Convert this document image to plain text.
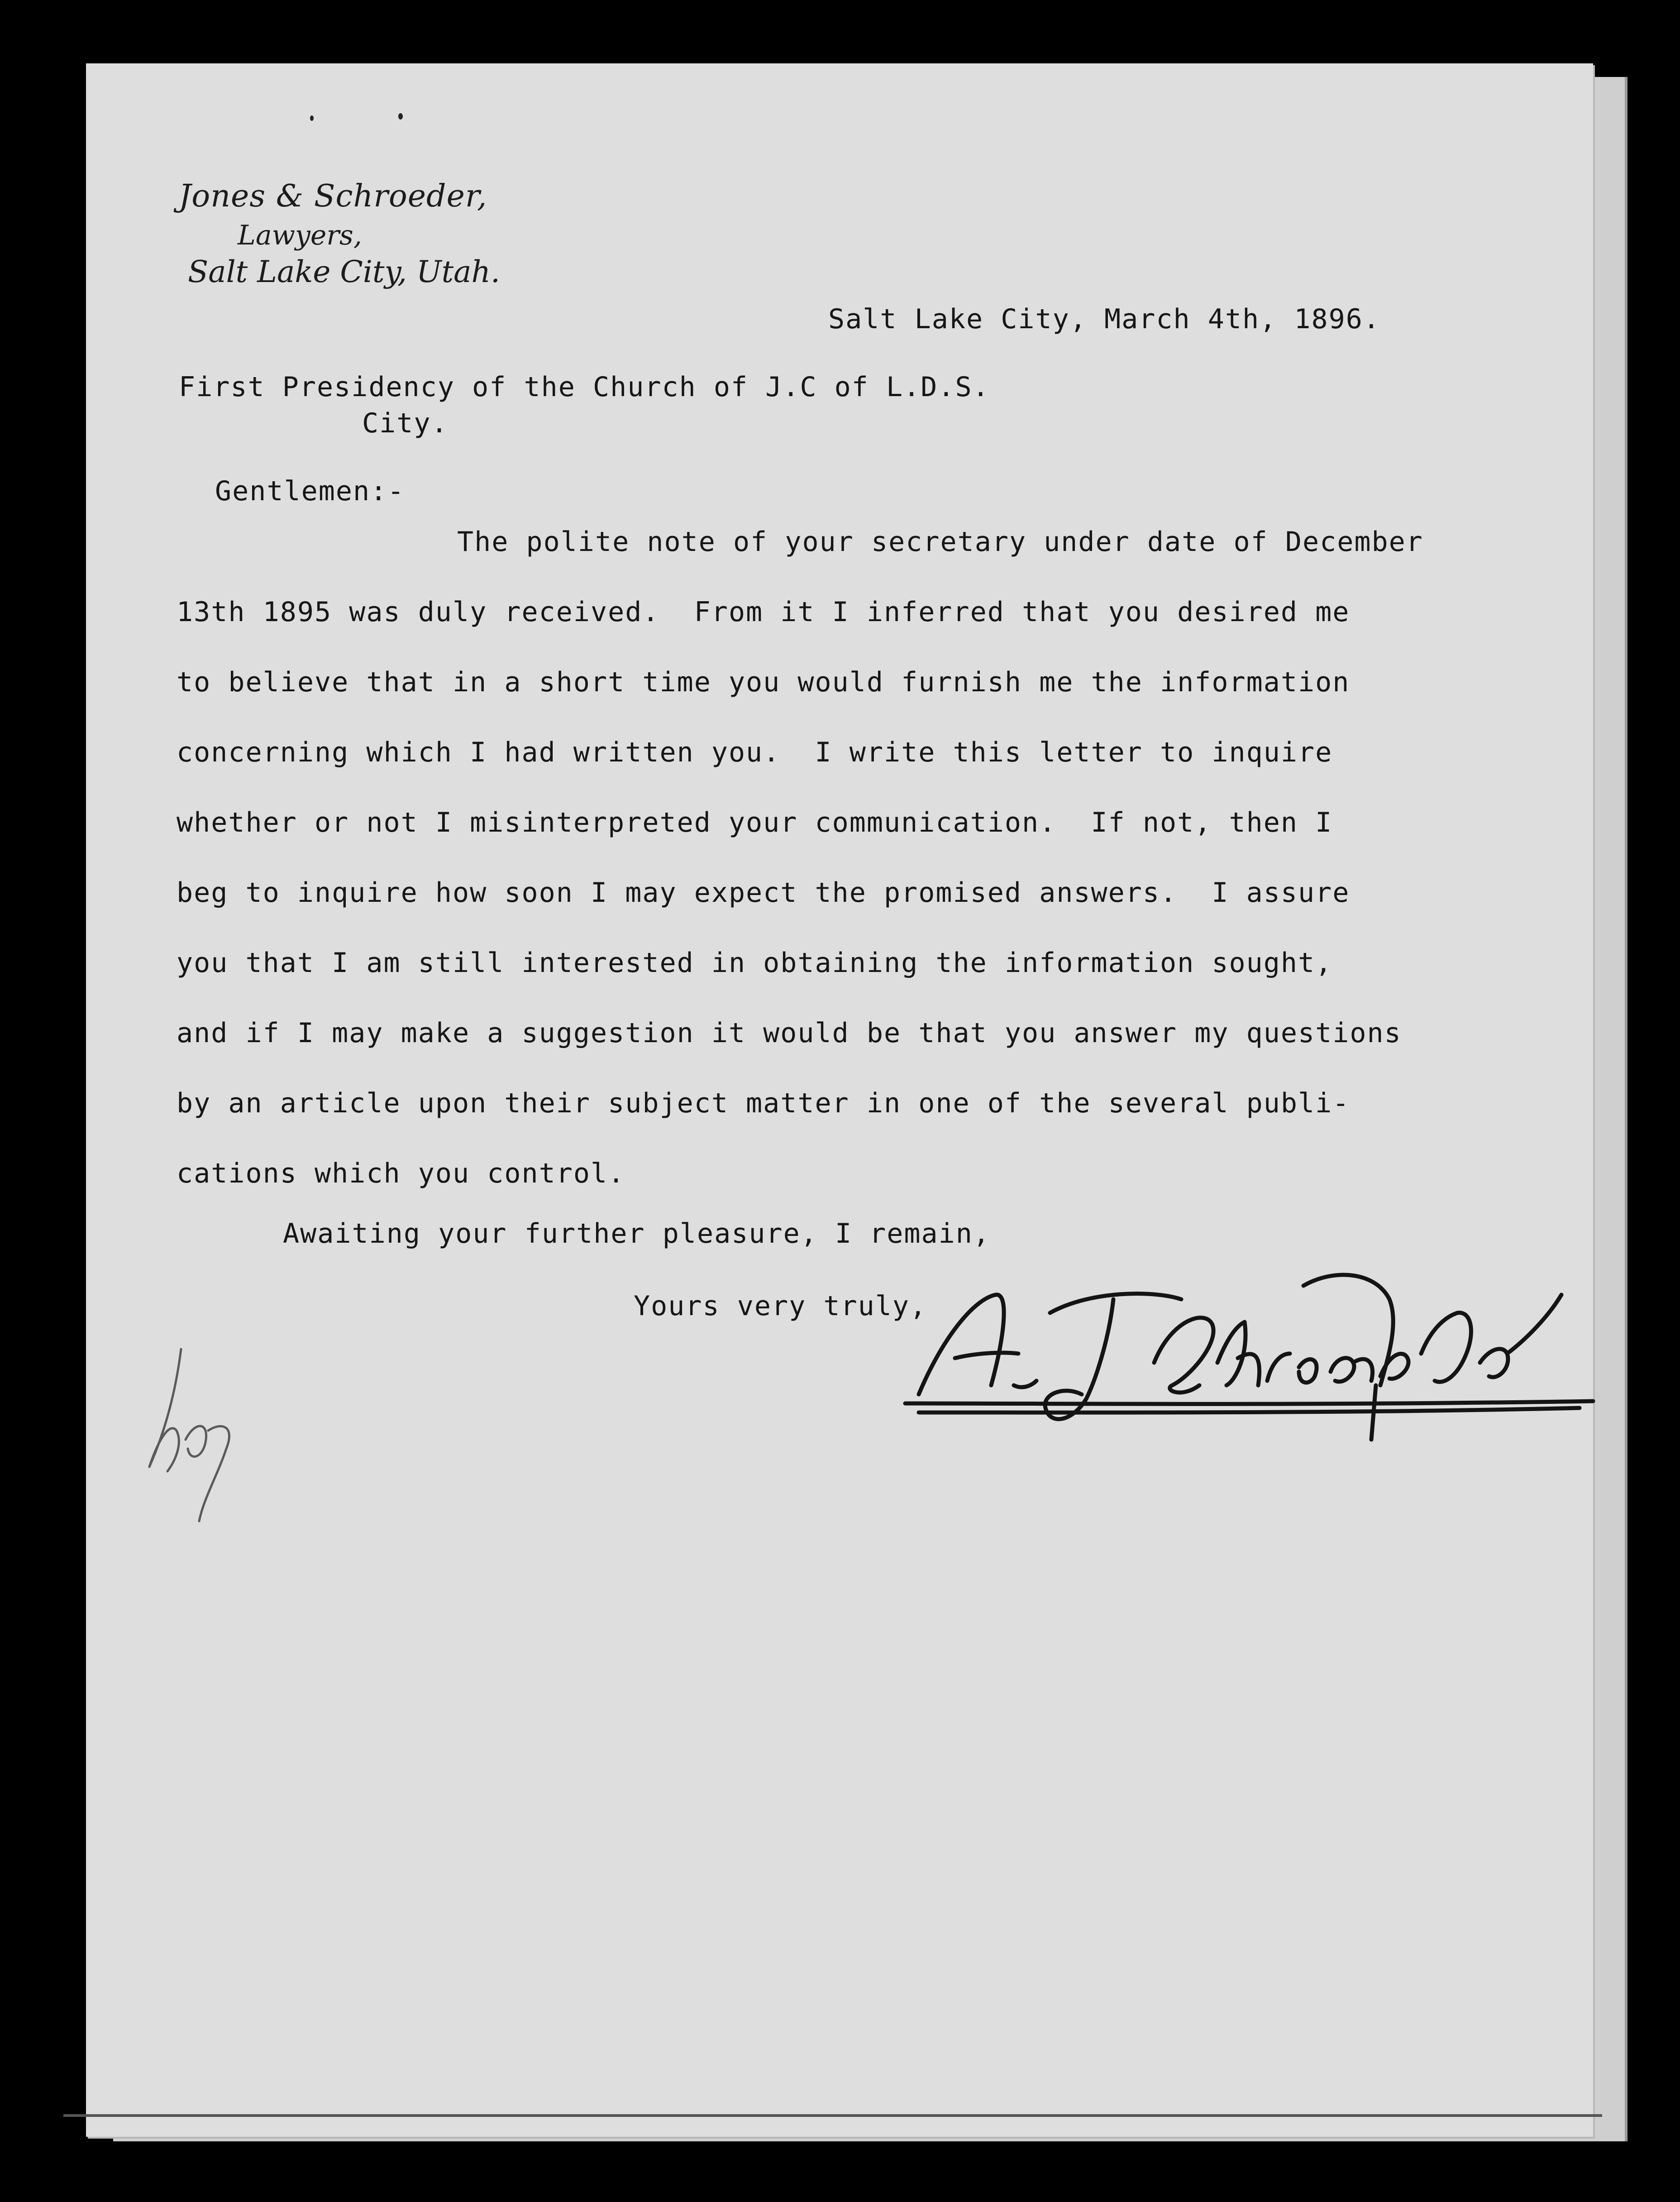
Jones & Schroeder,
Lawyers,
Salt Lake City, Utah.
Salt Lake City, March 4th, 1896.
First Presidency of the Church of J.C of L.D.S.
City.
Gentlemen:-
The polite note of your secretary under date of December
13th 1895 was duly received.  From it I inferred that you desired me
to believe that in a short time you would furnish me the information
concerning which I had written you.  I write this letter to inquire
whether or not I misinterpreted your communication.  If not, then I
beg to inquire how soon I may expect the promised answers.  I assure
you that I am still interested in obtaining the information sought,
and if I may make a suggestion it would be that you answer my questions
by an article upon their subject matter in one of the several publi-
cations which you control.
Awaiting your further pleasure, I remain,
Yours very truly,
